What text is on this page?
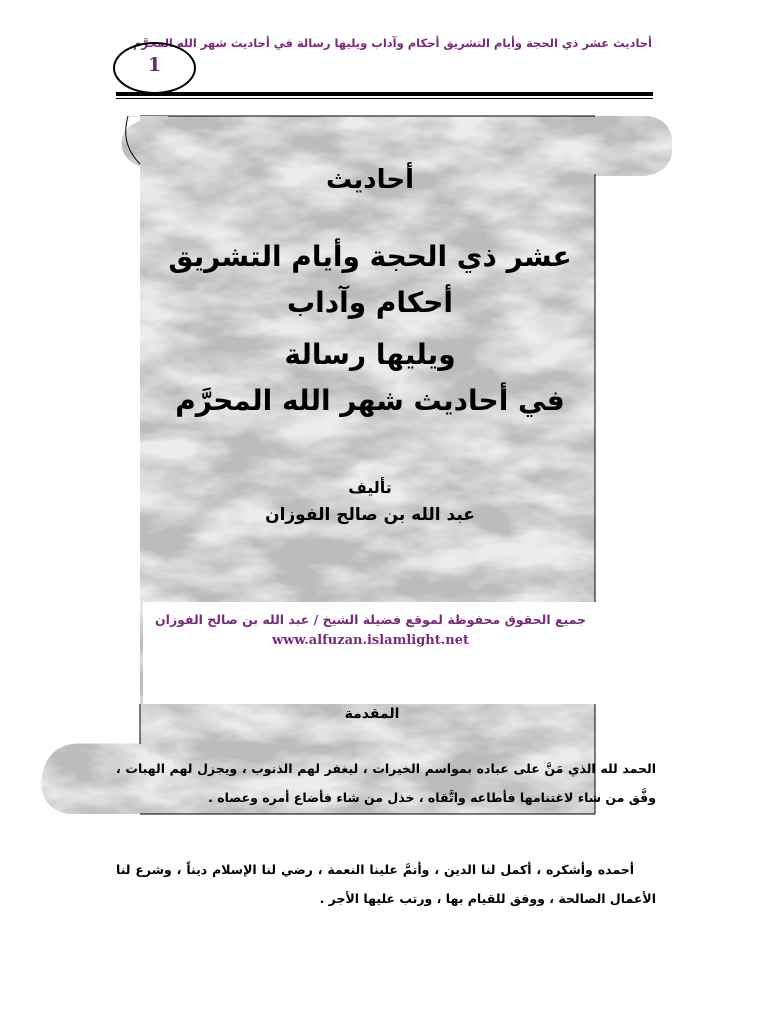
أحاديث عشر ذي الحجة وأيام التشريق أحكام وآداب ويليها رسالة في أحاديث شهر الله المحرَّم
1
أحاديث
عشر ذي الحجة وأيام التشريق
أحكام وآداب
ويليها رسالة
في أحاديث شهر الله المحرَّم
تأليف
عبد الله بن صالح الفوزان
جميع الحقوق محفوظة لموقع فضيلة الشيخ / عبد الله بن صالح الفوزان
www.alfuzan.islamlight.net
المقدمة
الحمد لله الذي مَنَّ على عباده بمواسم الخيرات ، ليغفر لهم الذنوب ، ويجزل لهم الهبات ، وفَّق من شاء لاغتنامها فأطاعه واتَّقاه ، خذل من شاء فأضاع أمره وعصاه .
أحمده وأشكره ، أكمل لنا الدين ، وأتمَّ علينا النعمة ، رضي لنا الإسلام ديناً ، وشرع لنا الأعمال الصالحة ، ووفق للقيام بها ، ورتب عليها الأجر .
